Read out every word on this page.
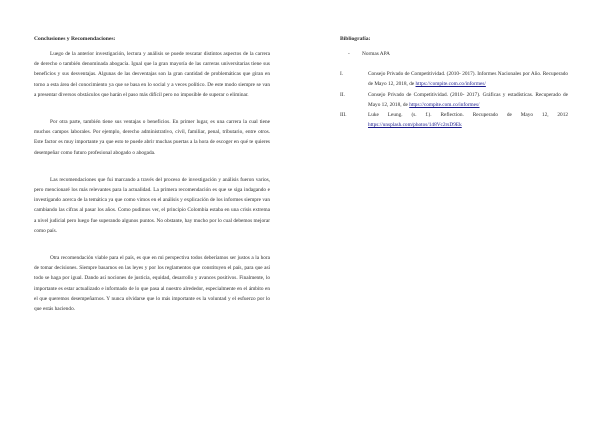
Conclusiones y Recomendaciones:

Luego de la anterior investigación, lectura y análisis se puede rescatar distintos aspectos de la carrera de derecho o también denominada abogacía. Igual que la gran mayoría de las carreras universitarias tiene sus beneficios y sus desventajas. Algunas de las desventajas son la gran cantidad de problemáticas que giran en torno a esta área del conocimiento ya que se basa en lo social y a veces político. De este modo siempre se van a presentar diversos obstáculos que harán el paso más difícil pero no imposible de superar o eliminar.

Por otra parte, también tiene sus ventajas o beneficios. En primer lugar, es una carrera la cual tiene muchos campos laborales. Por ejemplo, derecho administrativo, civil, familiar, penal, tributario, entre otros. Este factor es muy importante ya que esto te puede abrir muchas puertas a la hora de escoger en qué te quieres desempeñar como futuro profesional abogado o abogada.

Las recomendaciones que fui marcando a través del proceso de investigación y análisis fueron varios, pero mencionaré los más relevantes para la actualidad. La primera recomendación es que se siga indagando e investigando acerca de la temática ya que como vimos en el análisis y explicación de los informes siempre van cambiando las cifras al pasar los años. Como pudimos ver, el principio Colombia estaba en una crisis extrema a nivel judicial pero luego fue superando algunos puntos. No obstante, hay mucho por lo cual debemos mejorar como país.

Otra recomendación viable para el país, es que en mi perspectiva todos deberíamos ser justos a la hora de tomar decisiones. Siempre basarnos en las leyes y por los reglamentos que constituyen el país, para que así todo se haga por igual. Dando así nociones de justicia, equidad, desarrollo y avances positivos. Finalmente, lo importante es estar actualizado e informado de lo que pasa al nuestro alrededor, especialmente en el ámbito en el que queremos desempeñarnos. Y nunca olvidarse que lo más importante es la voluntad y el esfuerzo por lo que estás haciendo.

Bibliografía:
- Normas APA
I.	Consejo Privado de Competitividad. (2010- 2017). Informes Nacionales por Año. Recuperado de Mayo 12, 2018, de https://compite.com.co/informes/
II.	Consejo Privado de Competitividad. (2010- 2017). Gráficas y estadísticas. Recuperado de Mayo 12, 2018, de https://compite.com.co/informes/
III.	Luke Leung. (s. f.). Reflection. Recuperado de Mayo 12, 2012 https://unsplash.com/photos/148Vc2rsD9Ek
